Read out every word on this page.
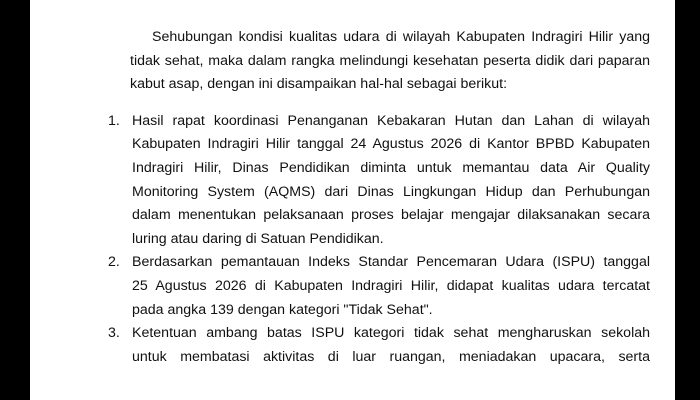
Sehubungan kondisi kualitas udara di wilayah Kabupaten Indragiri Hilir yang
tidak sehat, maka dalam rangka melindungi kesehatan peserta didik dari paparan
kabut asap, dengan ini disampaikan hal-hal sebagai berikut:
1. Hasil rapat koordinasi Penanganan Kebakaran Hutan dan Lahan di wilayah
Kabupaten Indragiri Hilir tanggal 24 Agustus 2026 di Kantor BPBD Kabupaten
Indragiri Hilir, Dinas Pendidikan diminta untuk memantau data Air Quality
Monitoring System (AQMS) dari Dinas Lingkungan Hidup dan Perhubungan
dalam menentukan pelaksanaan proses belajar mengajar dilaksanakan secara
luring atau daring di Satuan Pendidikan.
2. Berdasarkan pemantauan Indeks Standar Pencemaran Udara (ISPU) tanggal
25 Agustus 2026 di Kabupaten Indragiri Hilir, didapat kualitas udara tercatat
pada angka 139 dengan kategori "Tidak Sehat".
3. Ketentuan ambang batas ISPU kategori tidak sehat mengharuskan sekolah
untuk membatasi aktivitas di luar ruangan, meniadakan upacara, serta
